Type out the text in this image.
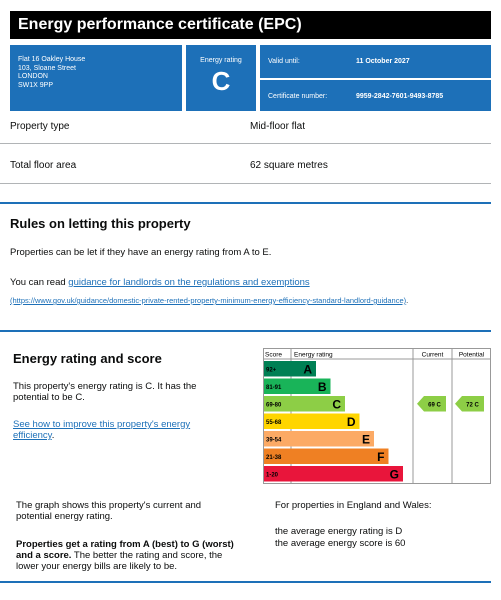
Energy performance certificate (EPC)
Flat 16 Oakley House
103, Sloane Street
LONDON
SW1X 9PP
Energy rating
C
Valid until:	11 October 2027
Certificate number:	9959-2842-7601-9493-8785
Property type	Mid-floor flat
Total floor area	62 square metres
Rules on letting this property

Properties can be let if they have an energy rating from A to E.

You can read guidance for landlords on the regulations and exemptions
(https://www.gov.uk/guidance/domestic-private-rented-property-minimum-energy-efficiency-standard-landlord-guidance).
Energy rating and score

This property's energy rating is C. It has the potential to be C.

See how to improve this property's energy efficiency.
Score Energy rating	Current Potential
92+ A
81-91	B
69-80	C
55-68	D
39-54	E
21-38	F
1-20	G
69 C	72 C

The graph shows this property's current and potential energy rating.

Properties get a rating from A (best) to G (worst) and a score. The better the rating and score, the lower your energy bills are likely to be.

For properties in England and Wales:

the average energy rating is D

the average energy score is 60
